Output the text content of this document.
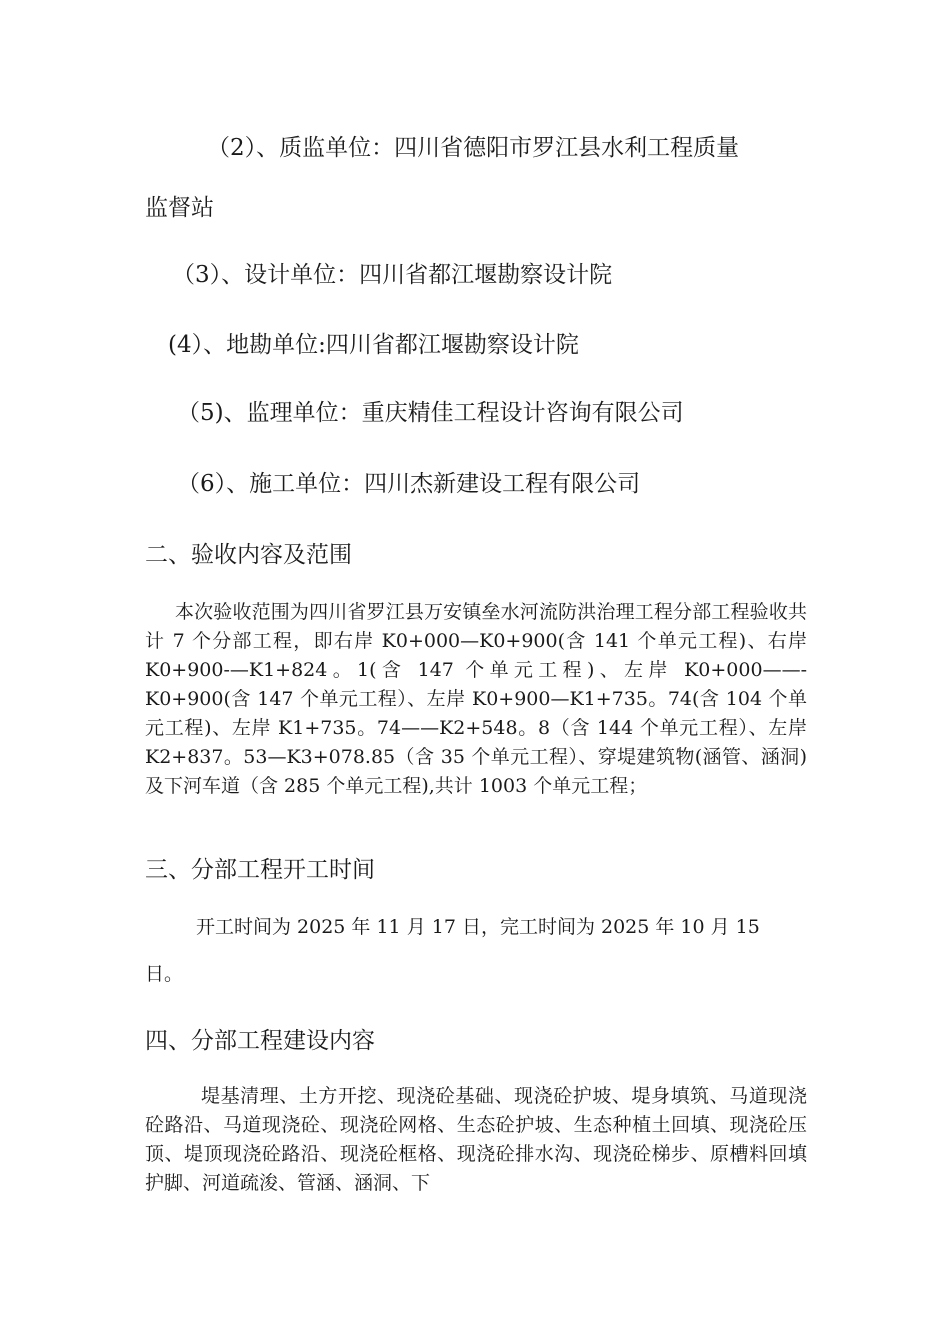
（2）、质监单位：四川省德阳市罗江县水利工程质量
监督站
（3）、设计单位：四川省都江堰勘察设计院
(4）、地勘单位:四川省都江堰勘察设计院
（5)、监理单位：重庆精佳工程设计咨询有限公司
（6）、施工单位：四川杰新建设工程有限公司
二、验收内容及范围

本次验收范围为四川省罗江县万安镇垒水河流防洪治理工程分部工程验收共计 7 个分部工程，即右岸 K0+000—K0+900(含 141 个单元工程)、右岸 K0+900-—K1+824。1(含 147 个单元工程)、左岸 K0+000——-K0+900(含 147 个单元工程）、左岸 K0+900—K1+735。74(含 104 个单元工程)、左岸 K1+735。74——K2+548。8（含 144 个单元工程）、左岸 K2+837。53—K3+078.85（含 35 个单元工程）、穿堤建筑物(涵管、涵洞)及下河车道（含 285 个单元工程),共计 1003 个单元工程；

三、分部工程开工时间
开工时间为 2025 年 11 月 17 日，完工时间为 2025 年 10 月 15
日。
四、分部工程建设内容

堤基清理、土方开挖、现浇砼基础、现浇砼护坡、堤身填筑、马道现浇砼路沿、马道现浇砼、现浇砼网格、生态砼护坡、生态种植土回填、现浇砼压顶、堤顶现浇砼路沿、现浇砼框格、现浇砼排水沟、现浇砼梯步、原槽料回填护脚、河道疏浚、管涵、涵洞、下
